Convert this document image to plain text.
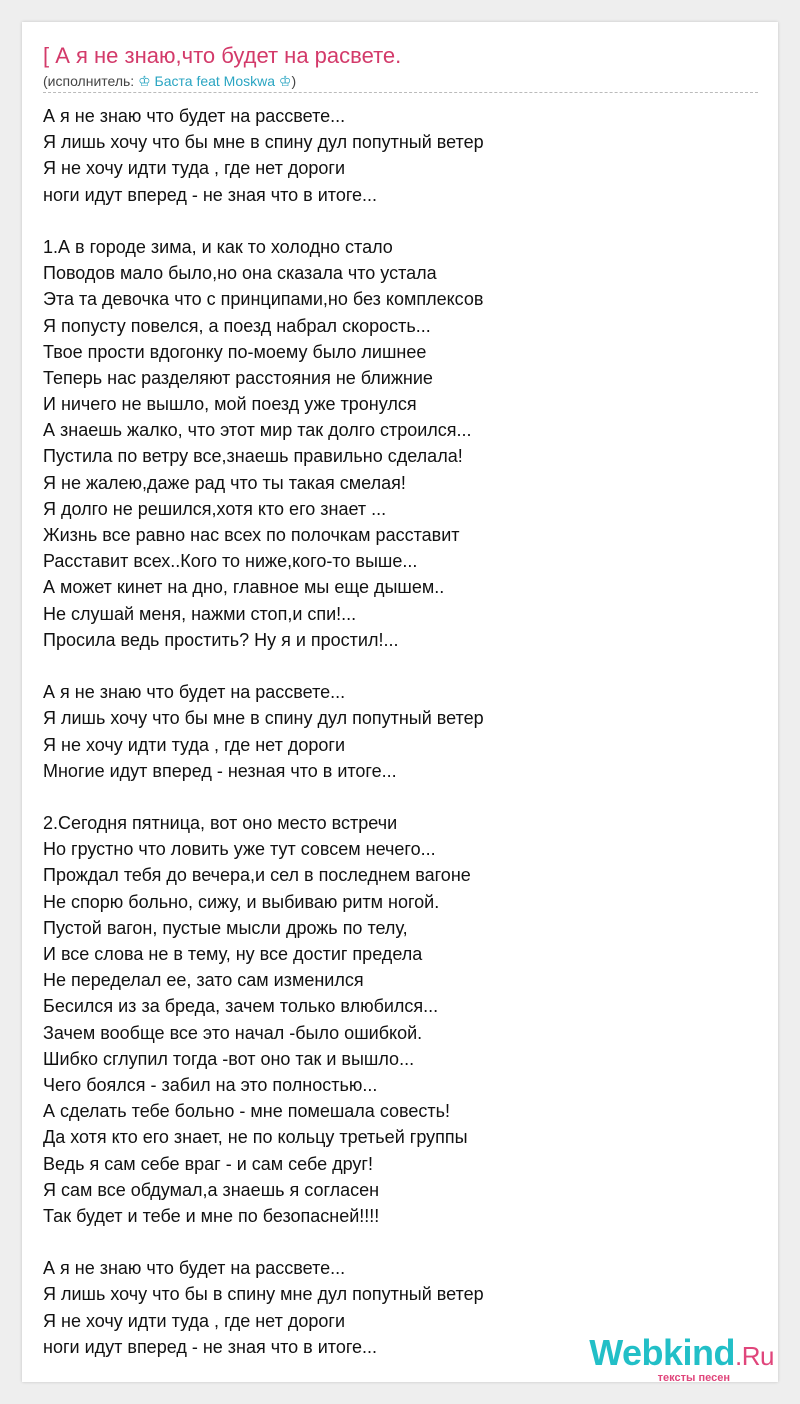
[ А я не знаю,что будет на расвете.
(исполнитель: ♔ Баста feat Moskwa ♔)
А я не знаю что будет на рассвете...
Я лишь хочу что бы мне в спину дул попутный ветер
Я не хочу идти туда , где нет дороги
ноги идут вперед - не зная что в итоге...
1.А в городе зима, и как то холодно стало
Поводов мало было,но она сказала что устала
Эта та девочка что с принципами,но без комплексов
Я попусту повелся, а поезд набрал скорость...
Твое прости вдогонку по-моему было лишнее
Теперь нас разделяют расстояния не ближние
И ничего не вышло, мой поезд уже тронулся
А знаешь жалко, что этот мир так долго строился...
Пустила по ветру все,знаешь правильно сделала!
Я не жалею,даже рад что ты такая смелая!
Я долго не решился,хотя кто его знает ...
Жизнь все равно нас всех по полочкам расставит
Расставит всех..Кого то ниже,кого-то выше...
А может кинет на дно, главное мы еще дышем..
Не слушай меня, нажми стоп,и спи!...
Просила ведь простить? Ну я и простил!...
А я не знаю что будет на рассвете...
Я лишь хочу что бы мне в спину дул попутный ветер
Я не хочу идти туда , где нет дороги
Многие идут вперед - незная что в итоге...
2.Сегодня пятница, вот оно место встречи
Но грустно что ловить уже тут совсем нечего...
Прождал тебя до вечера,и сел в последнем вагоне
Не спорю больно, сижу, и выбиваю ритм ногой.
Пустой вагон, пустые мысли дрожь по телу,
И все слова не в тему, ну все достиг предела
Не переделал ее, зато сам изменился
Бесился из за бреда, зачем только влюбился...
Зачем вообще все это начал -было ошибкой.
Шибко сглупил тогда -вот оно так и вышло...
Чего боялся - забил на это полностью...
А сделать тебе больно - мне помешала совесть!
Да хотя кто его знает, не по кольцу третьей группы
Ведь я сам себе враг - и сам себе друг!
Я сам все обдумал,а знаешь я согласен
Так будет и тебе и мне по безопасней!!!!
А я не знаю что будет на рассвете...
Я лишь хочу что бы в спину мне дул попутный ветер
Я не хочу идти туда , где нет дороги
ноги идут вперед - не зная что в итоге...	Webkind.Ru
тексты песен
